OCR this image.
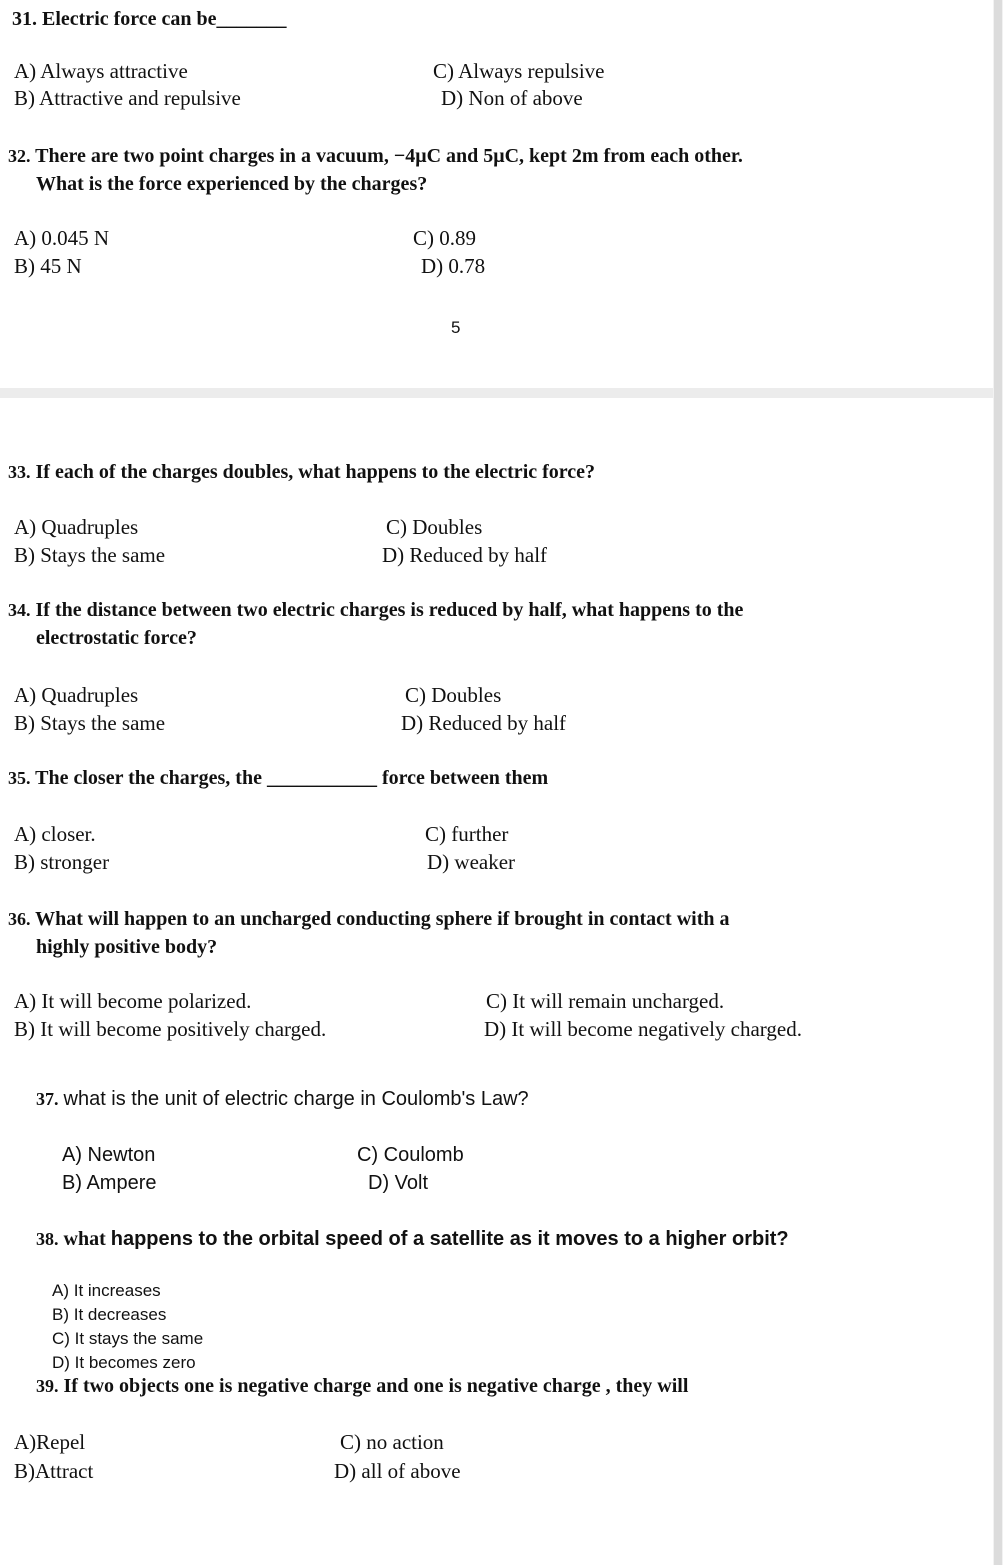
31. Electric force can be_______
A) Always attractive
B) Attractive and repulsive
C) Always repulsive
D) Non of above
32. There are two point charges in a vacuum, −4μC and 5μC, kept 2m from each other.
What is the force experienced by the charges?
A) 0.045 N
B) 45 N
C) 0.89
D) 0.78
5
33. If each of the charges doubles, what happens to the electric force?
A) Quadruples
B) Stays the same
C) Doubles
D) Reduced by half
34. If the distance between two electric charges is reduced by half, what happens to the
electrostatic force?
A) Quadruples
B) Stays the same
C) Doubles
D) Reduced by half
35. The closer the charges, the ___________ force between them
A) closer.
B) stronger
C) further
D) weaker
36. What will happen to an uncharged conducting sphere if brought in contact with a
highly positive body?
A) It will become polarized.
B) It will become positively charged.
C) It will remain uncharged.
D) It will become negatively charged.
37. what is the unit of electric charge in Coulomb's Law?
A) Newton
B) Ampere
C) Coulomb
D) Volt
38. what happens to the orbital speed of a satellite as it moves to a higher orbit?
A) It increases
B) It decreases
C) It stays the same
D) It becomes zero
39. If two objects one is negative charge and one is negative charge , they will
A)Repel
B)Attract
C) no action
D) all of above
